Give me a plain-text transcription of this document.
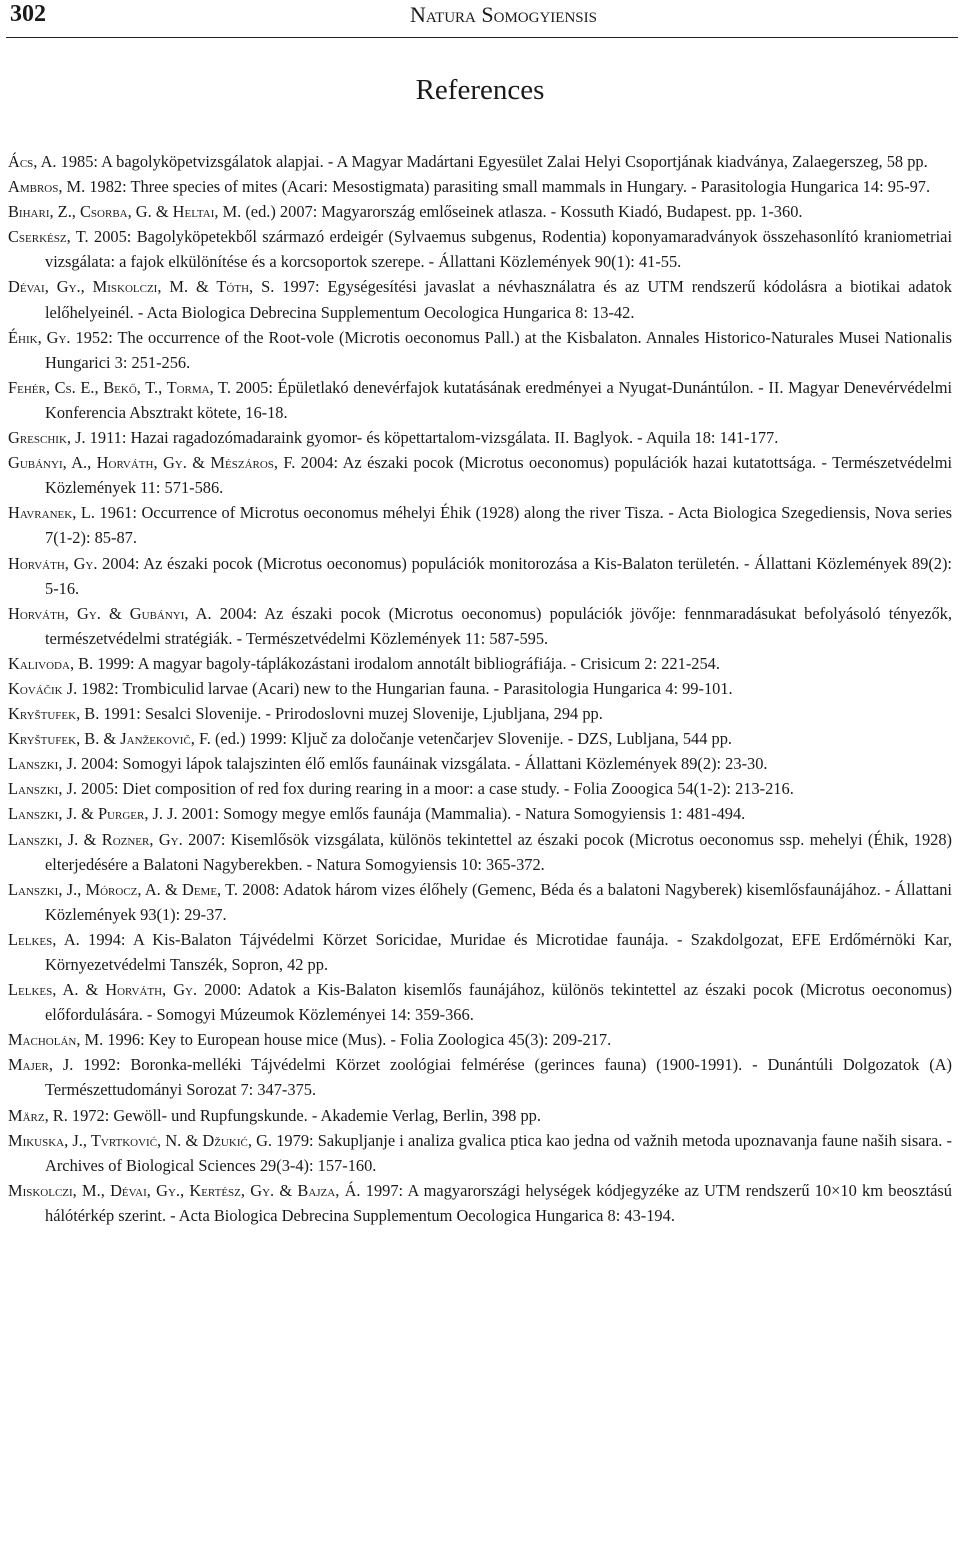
302	Natura Somogyiensis
References

Ács, A. 1985: A bagolyköpetvizsgálatok alapjai. - A Magyar Madártani Egyesület Zalai Helyi Csoportjának kiadványa, Zalaegerszeg, 58 pp.

Ambros, M. 1982: Three species of mites (Acari: Mesostigmata) parasiting small mammals in Hungary. - Parasitologia Hungarica 14: 95-97.

Bihari, Z., Csorba, G. & Heltai, M. (ed.) 2007: Magyarország emlőseinek atlasza. - Kossuth Kiadó, Budapest. pp. 1-360.

Cserkész, T. 2005: Bagolyköpetekből származó erdeigér (Sylvaemus subgenus, Rodentia) koponyamaradványok összehasonlító kraniometriai vizsgálata: a fajok elkülönítése és a korcsoportok szerepe. - Állattani Közlemények 90(1): 41-55.

Dévai, Gy., Miskolczi, M. & Tóth, S. 1997: Egységesítési javaslat a névhasználatra és az UTM rendszerű kódolásra a biotikai adatok lelőhelyeinél. - Acta Biologica Debrecina Supplementum Oecologica Hungarica 8: 13-42.

Éhik, Gy. 1952: The occurrence of the Root-vole (Microtis oeconomus Pall.) at the Kisbalaton. Annales Historico-Naturales Musei Nationalis Hungarici 3: 251-256.

Fehér, Cs. E., Bekő, T., Torma, T. 2005: Épületlakó denevérfajok kutatásának eredményei a Nyugat-Dunántúlon. - II. Magyar Denevérvédelmi Konferencia Absztrakt kötete, 16-18.

Greschik, J. 1911: Hazai ragadozómadaraink gyomor- és köpettartalom-vizsgálata. II. Baglyok. - Aquila 18: 141-177.

Gubányi, A., Horváth, Gy. & Mészáros, F. 2004: Az északi pocok (Microtus oeconomus) populációk hazai kutatottsága. - Természetvédelmi Közlemények 11: 571-586.

Havranek, L. 1961: Occurrence of Microtus oeconomus méhelyi Éhik (1928) along the river Tisza. - Acta Biologica Szegediensis, Nova series 7(1-2): 85-87.

Horváth, Gy. 2004: Az északi pocok (Microtus oeconomus) populációk monitorozása a Kis-Balaton területén. - Állattani Közlemények 89(2): 5-16.

Horváth, Gy. & Gubányi, A. 2004: Az északi pocok (Microtus oeconomus) populációk jövője: fennmaradásukat befolyásoló tényezők, természetvédelmi stratégiák. - Természetvédelmi Közlemények 11: 587-595.

Kalivoda, B. 1999: A magyar bagoly-táplákozástani irodalom annotált bibliográfiája. - Crisicum 2: 221-254.

Kováčik J. 1982: Trombiculid larvae (Acari) new to the Hungarian fauna. - Parasitologia Hungarica 4: 99-101.

Kryštufek, B. 1991: Sesalci Slovenije. - Prirodoslovni muzej Slovenije, Ljubljana, 294 pp.

Kryštufek, B. & Janžekovič, F. (ed.) 1999: Ključ za določanje vetenčarjev Slovenije. - DZS, Lubljana, 544 pp.

Lanszki, J. 2004: Somogyi lápok talajszinten élő emlős faunáinak vizsgálata. - Állattani Közlemények 89(2): 23-30.

Lanszki, J. 2005: Diet composition of red fox during rearing in a moor: a case study. - Folia Zooogica 54(1-2): 213-216.

Lanszki, J. & Purger, J. J. 2001: Somogy megye emlős faunája (Mammalia). - Natura Somogyiensis 1: 481-494.

Lanszki, J. & Rozner, Gy. 2007: Kisemlősök vizsgálata, különös tekintettel az északi pocok (Microtus oeconomus ssp. mehelyi (Éhik, 1928) elterjedésére a Balatoni Nagyberekben. - Natura Somogyiensis 10: 365-372.

Lanszki, J., Mórocz, A. & Deme, T. 2008: Adatok három vizes élőhely (Gemenc, Béda és a balatoni Nagyberek) kisemlősfaunájához. - Állattani Közlemények 93(1): 29-37.

Lelkes, A. 1994: A Kis-Balaton Tájvédelmi Körzet Soricidae, Muridae és Microtidae faunája. - Szakdolgozat, EFE Erdőmérnöki Kar, Környezetvédelmi Tanszék, Sopron, 42 pp.

Lelkes, A. & Horváth, Gy. 2000: Adatok a Kis-Balaton kisemlős faunájához, különös tekintettel az északi pocok (Microtus oeconomus) előfordulására. - Somogyi Múzeumok Közleményei 14: 359-366.

Macholán, M. 1996: Key to European house mice (Mus). - Folia Zoologica 45(3): 209-217.

Majer, J. 1992: Boronka-melléki Tájvédelmi Körzet zoológiai felmérése (gerinces fauna) (1900-1991). - Dunántúli Dolgozatok (A) Természettudományi Sorozat 7: 347-375.

März, R. 1972: Gewöll- und Rupfungskunde. - Akademie Verlag, Berlin, 398 pp.

Mikuska, J., Tvrtković, N. & Džukić, G. 1979: Sakupljanje i analiza gvalica ptica kao jedna od važnih metoda upoznavanja faune naših sisara. - Archives of Biological Sciences 29(3-4): 157-160.

Miskolczi, M., Dévai, Gy., Kertész, Gy. & Bajza, Á. 1997: A magyarországi helységek kódjegyzéke az UTM rendszerű 10×10 km beosztású hálótérkép szerint. - Acta Biologica Debrecina Supplementum Oecologica Hungarica 8: 43-194.
